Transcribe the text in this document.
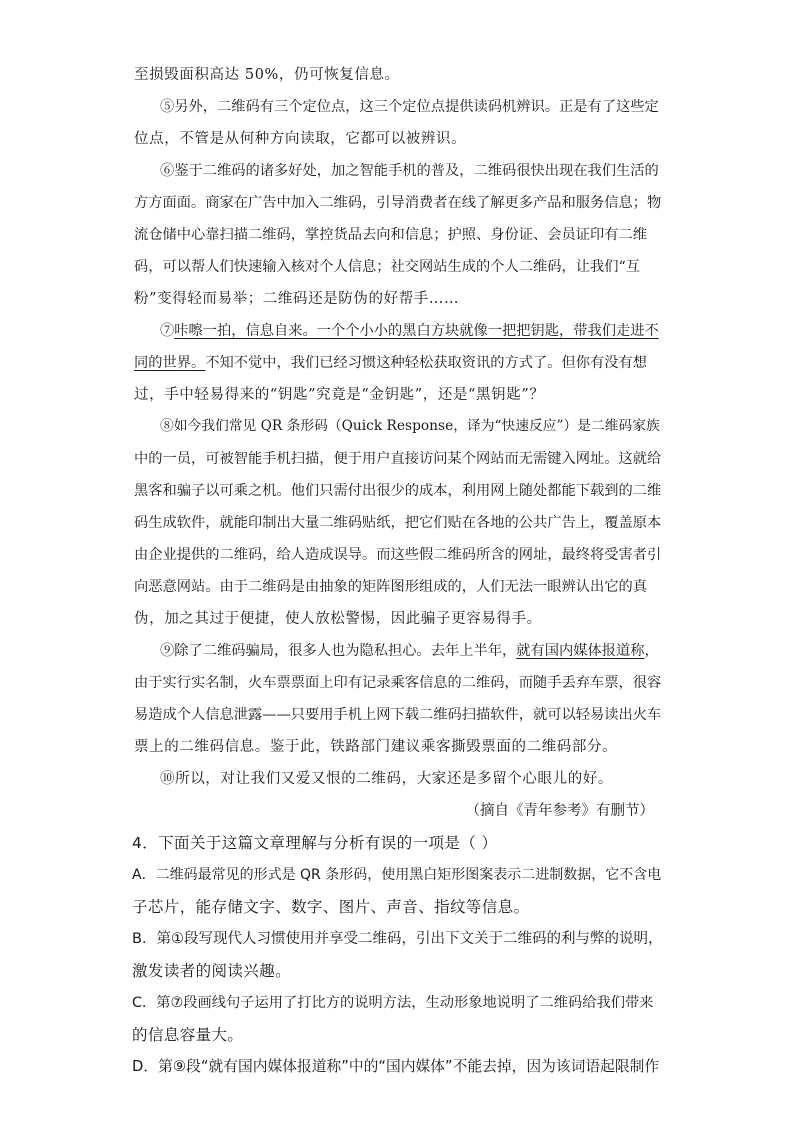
至损毁面积高达 50%，仍可恢复信息。
⑤另外，二维码有三个定位点，这三个定位点提供读码机辨识。正是有了这些定
位点，不管是从何种方向读取，它都可以被辨识。
⑥鉴于二维码的诸多好处，加之智能手机的普及，二维码很快出现在我们生活的
方方面面。商家在广告中加入二维码，引导消费者在线了解更多产品和服务信息；物
流仓储中心靠扫描二维码，掌控货品去向和信息；护照、身份证、会员证印有二维
码，可以帮人们快速输入核对个人信息；社交网站生成的个人二维码，让我们“互
粉”变得轻而易举；二维码还是防伪的好帮手……
⑦咔嚓一拍，信息自来。一个个小小的黑白方块就像一把把钥匙，带我们走进不
同的世界。不知不觉中，我们已经习惯这种轻松获取资讯的方式了。但你有没有想
过，手中轻易得来的“钥匙”究竟是“金钥匙”，还是“黑钥匙”？
⑧如今我们常见 QR 条形码（Quick Response，译为“快速反应”）是二维码家族
中的一员，可被智能手机扫描，便于用户直接访问某个网站而无需键入网址。这就给
黑客和骗子以可乘之机。他们只需付出很少的成本，利用网上随处都能下载到的二维
码生成软件，就能印制出大量二维码贴纸，把它们贴在各地的公共广告上，覆盖原本
由企业提供的二维码，给人造成误导。而这些假二维码所含的网址，最终将受害者引
向恶意网站。由于二维码是由抽象的矩阵图形组成的，人们无法一眼辨认出它的真
伪，加之其过于便捷，使人放松警惕，因此骗子更容易得手。
⑨除了二维码骗局，很多人也为隐私担心。去年上半年，就有国内媒体报道称，
由于实行实名制，火车票票面上印有记录乘客信息的二维码，而随手丢弃车票，很容
易造成个人信息泄露——只要用手机上网下载二维码扫描软件，就可以轻易读出火车
票上的二维码信息。鉴于此，铁路部门建议乘客撕毁票面的二维码部分。
⑩所以，对让我们又爱又恨的二维码，大家还是多留个心眼儿的好。
（摘自《青年参考》有删节）
4．下面关于这篇文章理解与分析有误的一项是（ ）
A．二维码最常见的形式是 QR 条形码，使用黑白矩形图案表示二进制数据，它不含电
子芯片，能存储文字、数字、图片、声音、指纹等信息。
B．第①段写现代人习惯使用并享受二维码，引出下文关于二维码的利与弊的说明，
激发读者的阅读兴趣。
C．第⑦段画线句子运用了打比方的说明方法，生动形象地说明了二维码给我们带来
的信息容量大。
D．第⑨段“就有国内媒体报道称”中的“国内媒体”不能去掉，因为该词语起限制作
